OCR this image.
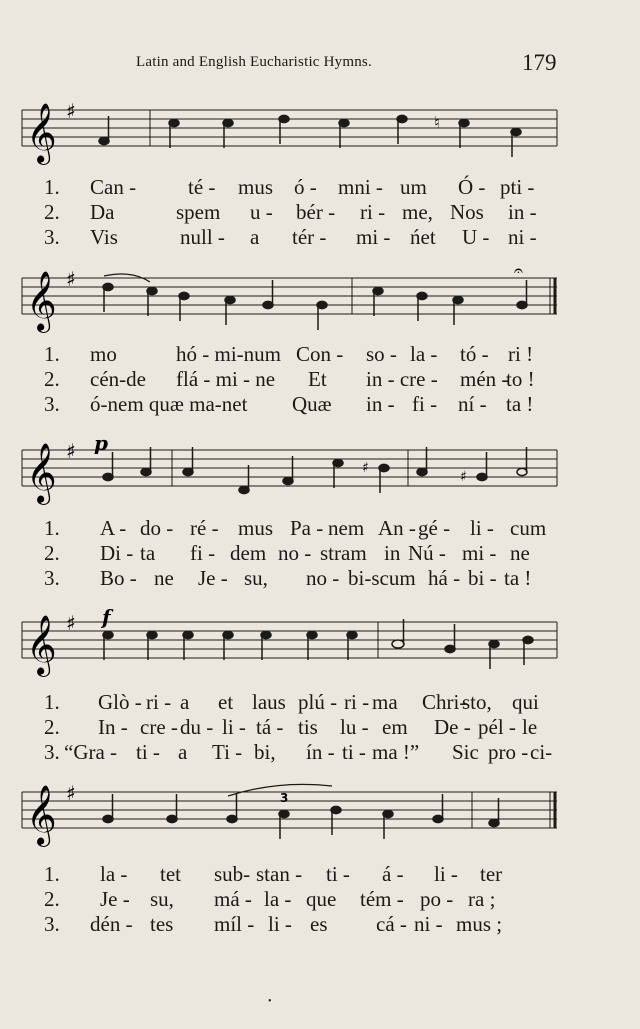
Latin and English Eucharistic Hymns.	179
𝄞 ♯	♮
1. Can - té - mus ó - mni - um Ó - pti -
2. Da	spem u - bér - ri - me, Nos in -
3. Vis	null - a tér - mi - ńet U - ni -
𝄞 ♯	𝄐
1. mo	hó - mi-num Con - so - la - tó - ri !
2. cén-de flá - mi - ne Et in - cre - mén -
to !
3. ó-nem quæ ma-net Quæ in - fi - ní - ta !
𝄞 ♯ p
♯
♯
1. A - do - ré - mus Pa - nem An - gé - li - cum
2. Di - ta fi - dem no - stram in Nú - mi - ne
3. Bo - ne Je - su, no - bi-scum há - bi - ta !
𝄞 ♯ f
1. Glò - ri - a et laus plú - ri - ma Chri-
sto, qui
2. In - cre - du - li - tá - tis lu - em De - pél - le
3. “Gra - ti - a Ti - bi, ín - ti - ma !” Sic pro - ci-
𝄞 ♯	3
1. la - tet sub- stan - ti - á - li - ter
2. Je - su, má - la - que tém - po - ra ;
3. dén - tes míl - li - es cá - ni - mus ;
•
